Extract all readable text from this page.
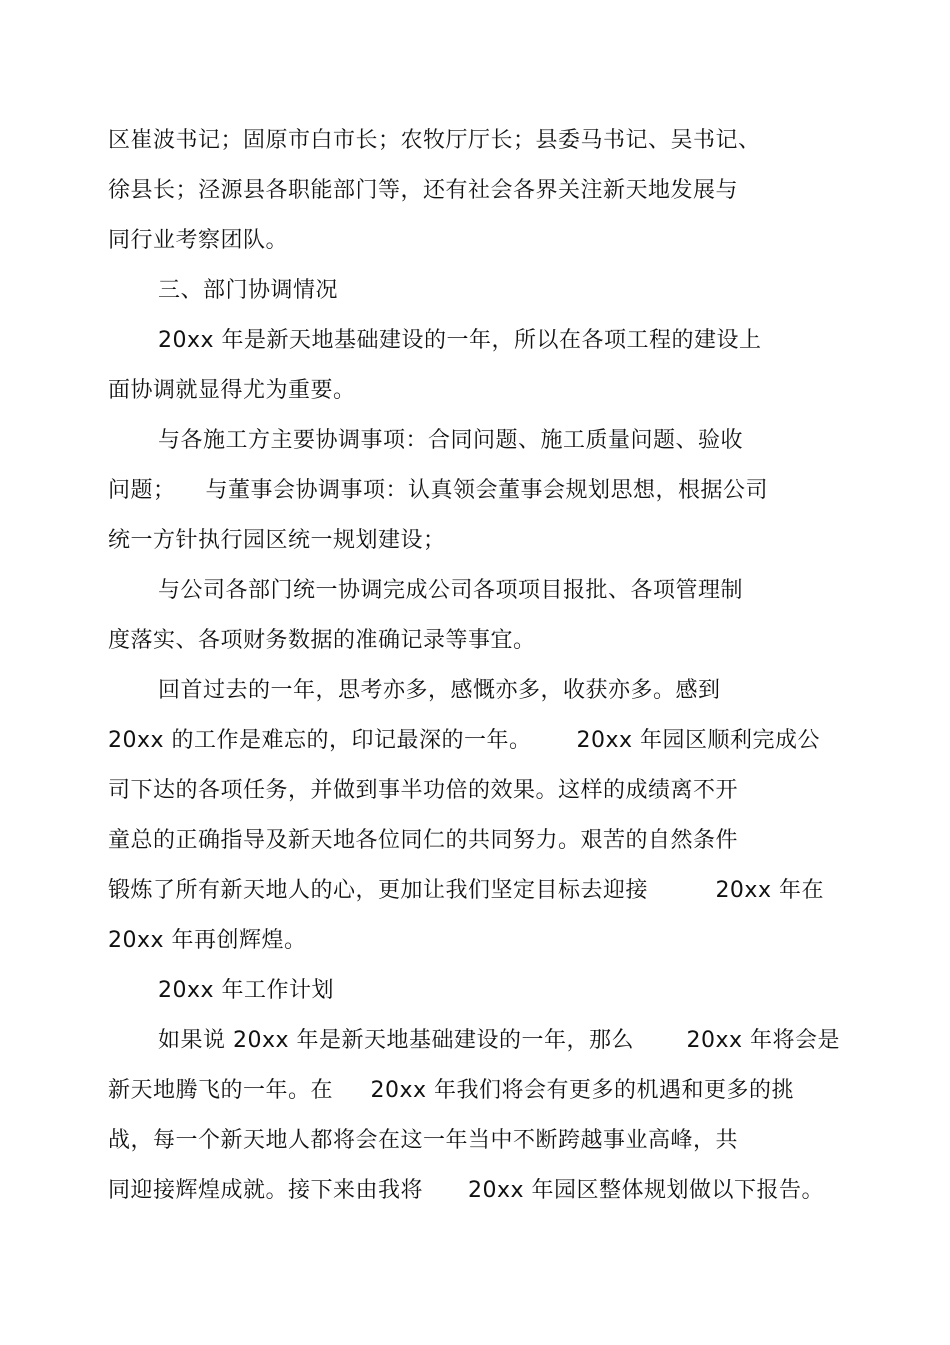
区崔波书记；固原市白市长；农牧厅厅长；县委马书记、吴书记、
徐县长；泾源县各职能部门等，还有社会各界关注新天地发展与
同行业考察团队。
三、部门协调情况
20xx 年是新天地基础建设的一年，所以在各项工程的建设上
面协调就显得尤为重要。
与各施工方主要协调事项：合同问题、施工质量问题、验收
问题；    与董事会协调事项：认真领会董事会规划思想，根据公司
统一方针执行园区统一规划建设；
与公司各部门统一协调完成公司各项项目报批、各项管理制
度落实、各项财务数据的准确记录等事宜。
回首过去的一年，思考亦多，感慨亦多，收获亦多。感到
20xx 的工作是难忘的，印记最深的一年。      20xx 年园区顺利完成公
司下达的各项任务，并做到事半功倍的效果。这样的成绩离不开
童总的正确指导及新天地各位同仁的共同努力。艰苦的自然条件
锻炼了所有新天地人的心，更加让我们坚定目标去迎接         20xx 年在
20xx 年再创辉煌。
20xx 年工作计划
如果说 20xx 年是新天地基础建设的一年，那么       20xx 年将会是
新天地腾飞的一年。在     20xx 年我们将会有更多的机遇和更多的挑
战，每一个新天地人都将会在这一年当中不断跨越事业高峰，共
同迎接辉煌成就。接下来由我将      20xx 年园区整体规划做以下报告。
